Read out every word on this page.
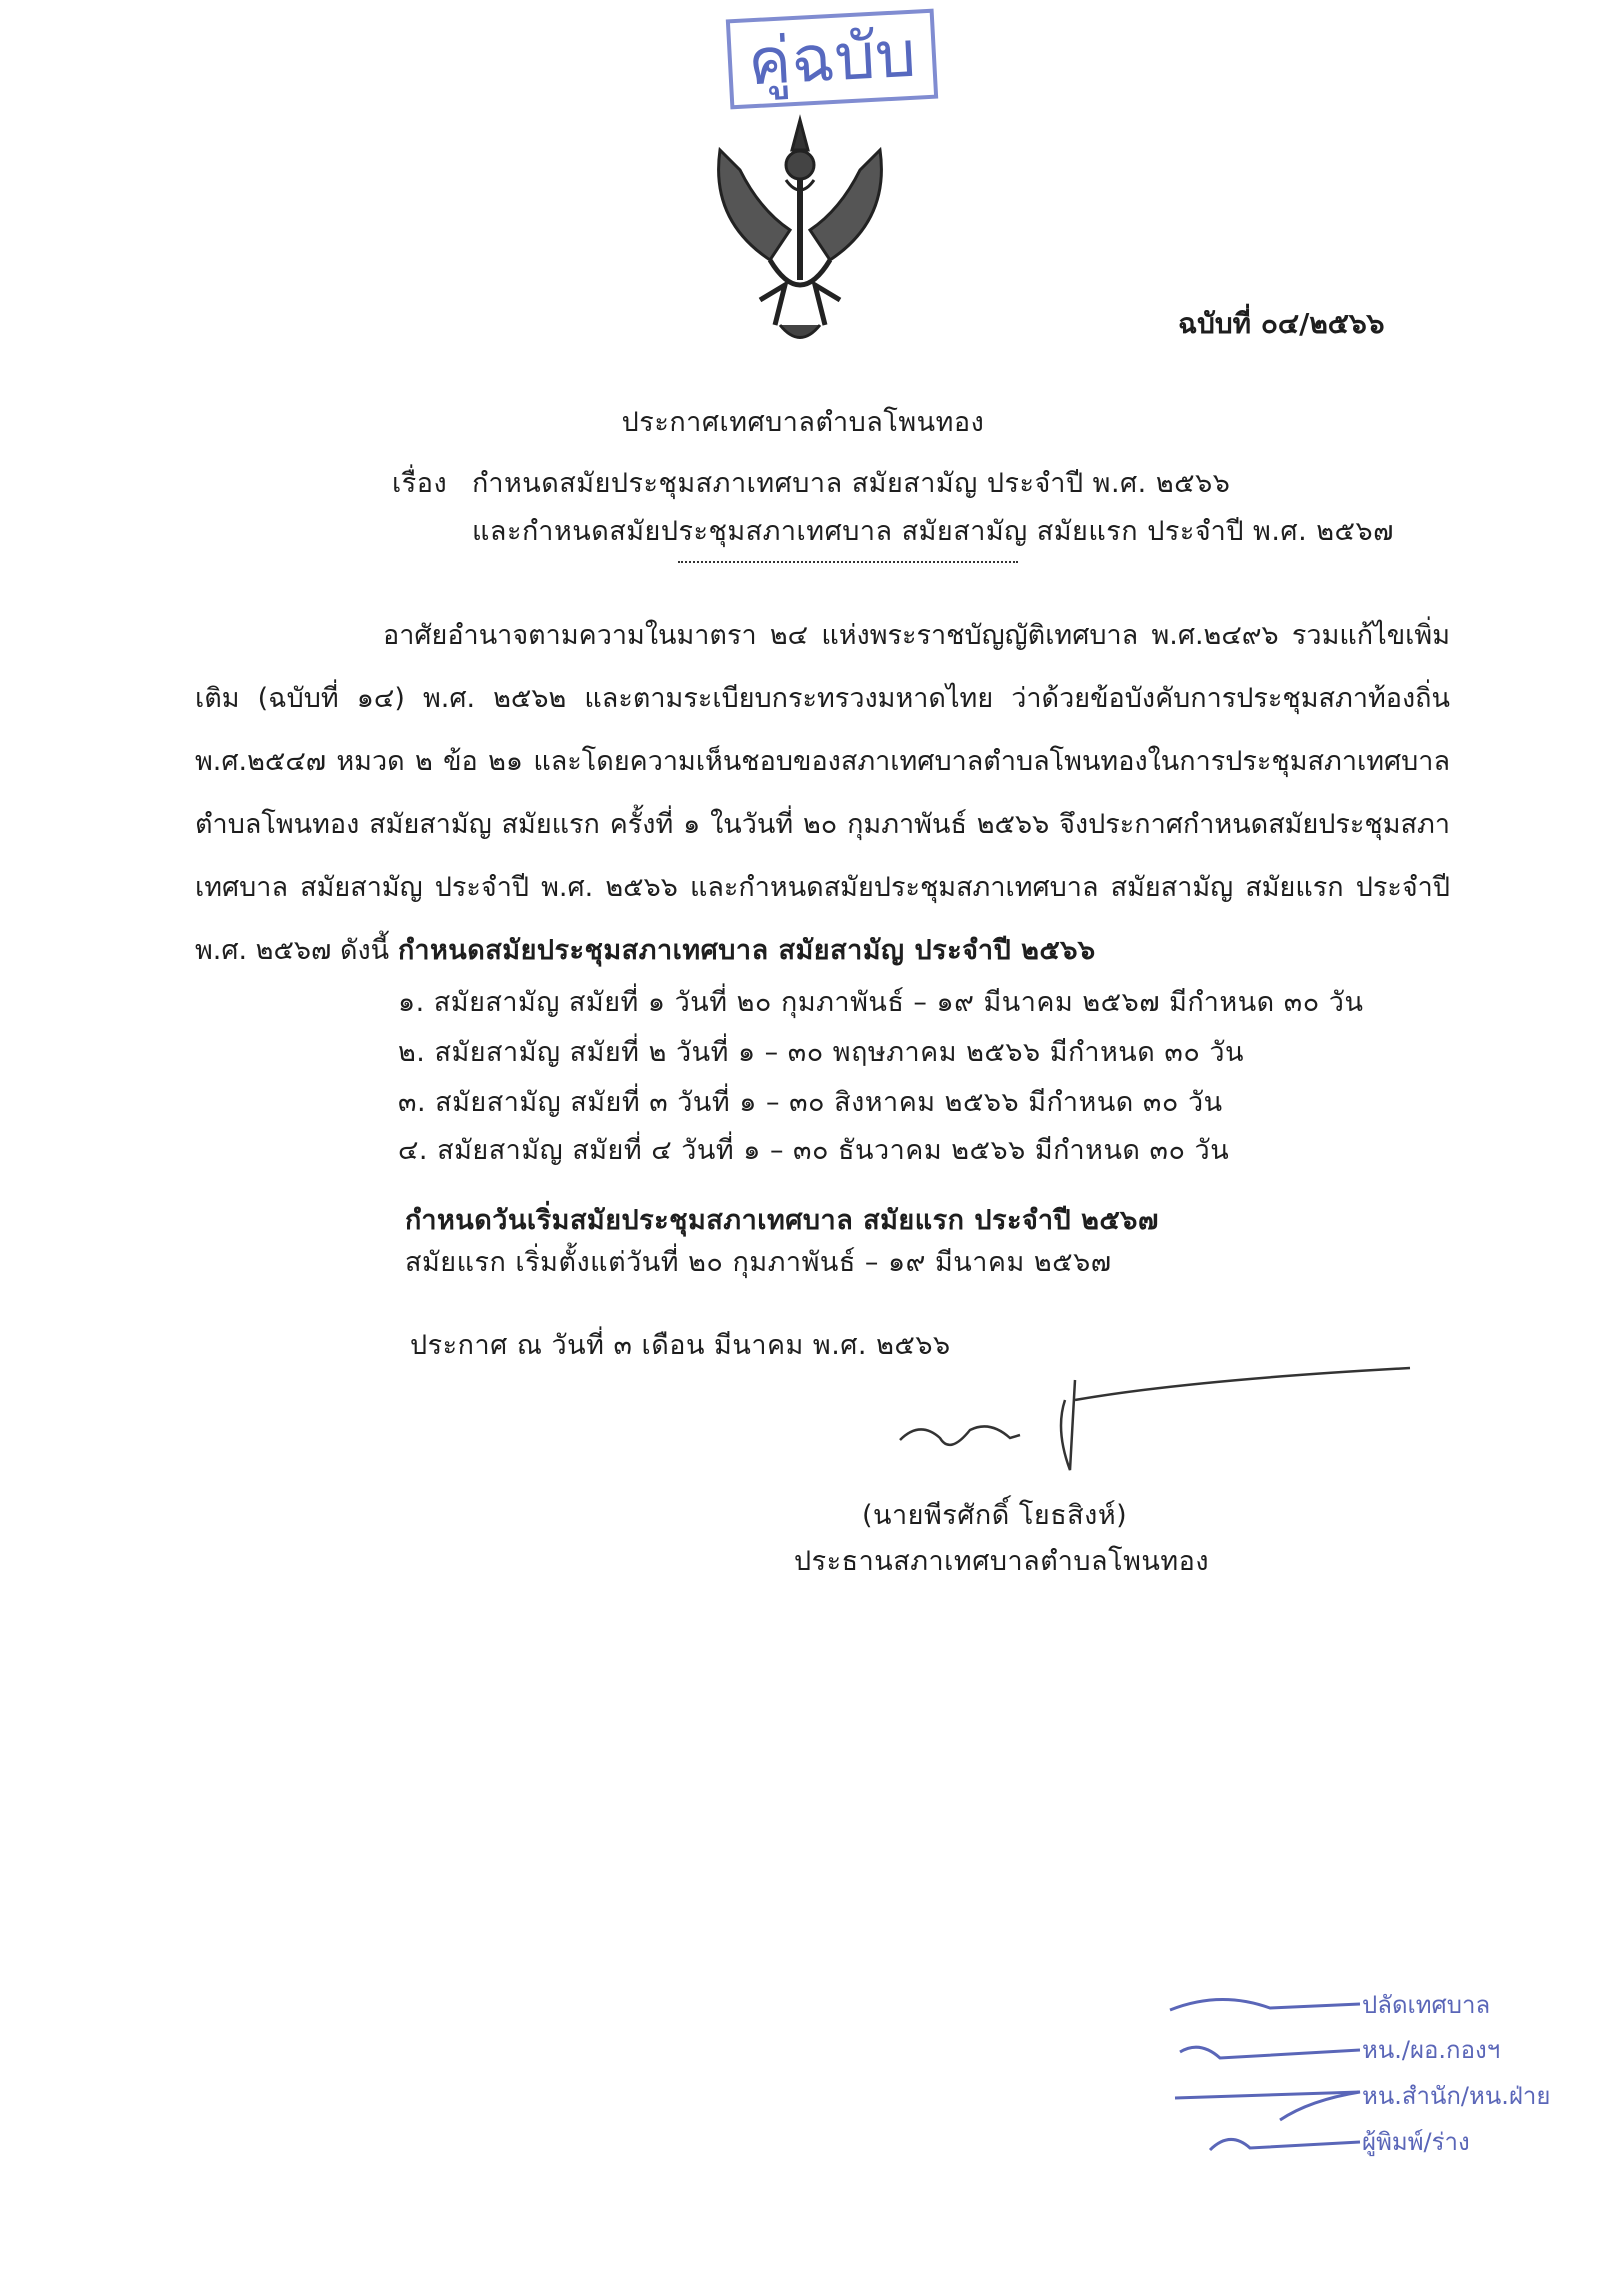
คู่ฉบับ
ฉบับที่ ๐๔/๒๕๖๖
ประกาศเทศบาลตำบลโพนทอง
เรื่อง กำหนดสมัยประชุมสภาเทศบาล สมัยสามัญ ประจำปี พ.ศ. ๒๕๖๖
และกำหนดสมัยประชุมสภาเทศบาล สมัยสามัญ สมัยแรก ประจำปี พ.ศ. ๒๕๖๗
อาศัยอำนาจตามความในมาตรา ๒๔ แห่งพระราชบัญญัติเทศบาล พ.ศ.๒๔๙๖ รวมแก้ไขเพิ่มเติม (ฉบับที่ ๑๔) พ.ศ. ๒๕๖๒ และตามระเบียบกระทรวงมหาดไทย ว่าด้วยข้อบังคับการประชุมสภาท้องถิ่น พ.ศ.๒๕๔๗ หมวด ๒ ข้อ ๒๑ และโดยความเห็นชอบของสภาเทศบาลตำบลโพนทองในการประชุมสภาเทศบาลตำบลโพนทอง สมัยสามัญ สมัยแรก ครั้งที่ ๑ ในวันที่ ๒๐ กุมภาพันธ์ ๒๕๖๖ จึงประกาศกำหนดสมัยประชุมสภาเทศบาล สมัยสามัญ ประจำปี พ.ศ. ๒๕๖๖ และกำหนดสมัยประชุมสภาเทศบาล สมัยสามัญ สมัยแรก ประจำปี พ.ศ. ๒๕๖๗ ดังนี้ กำหนดสมัยประชุมสภาเทศบาล สมัยสามัญ ประจำปี ๒๕๖๖
๑. สมัยสามัญ สมัยที่ ๑ วันที่ ๒๐ กุมภาพันธ์ – ๑๙ มีนาคม ๒๕๖๗ มีกำหนด ๓๐ วัน
๒. สมัยสามัญ สมัยที่ ๒ วันที่ ๑ – ๓๐ พฤษภาคม ๒๕๖๖ มีกำหนด ๓๐ วัน
๓. สมัยสามัญ สมัยที่ ๓ วันที่ ๑ – ๓๐ สิงหาคม ๒๕๖๖ มีกำหนด ๓๐ วัน
๔. สมัยสามัญ สมัยที่ ๔ วันที่ ๑ – ๓๐ ธันวาคม ๒๕๖๖ มีกำหนด ๓๐ วัน
กำหนดวันเริ่มสมัยประชุมสภาเทศบาล สมัยแรก ประจำปี ๒๕๖๗
สมัยแรก เริ่มตั้งแต่วันที่ ๒๐ กุมภาพันธ์ – ๑๙ มีนาคม ๒๕๖๗
ประกาศ ณ วันที่ ๓ เดือน มีนาคม พ.ศ. ๒๕๖๖
(นายพีรศักดิ์ โยธสิงห์)
ประธานสภาเทศบาลตำบลโพนทอง
ปลัดเทศบาล
หน./ผอ.กองฯ
หน.สำนัก/หน.ฝ่าย
ผู้พิมพ์/ร่าง
